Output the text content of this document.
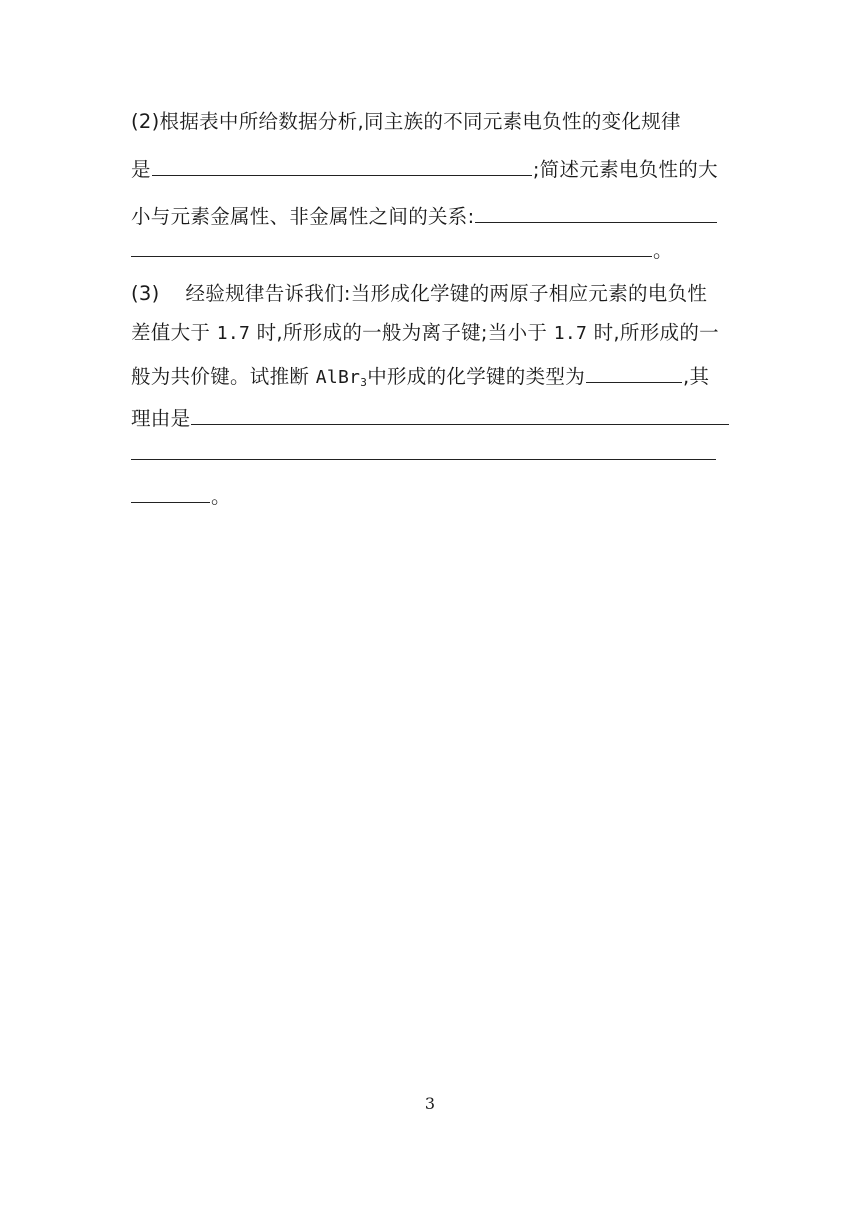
(2)根据表中所给数据分析,同主族的不同元素电负性的变化规律
是	;简述元素电负性的大
小与元素金属性、非金属性之间的关系:
。
(3) 经验规律告诉我们:当形成化学键的两原子相应元素的电负性
差值大于 1.7 时,所形成的一般为离子键;当小于 1.7 时,所形成的一
般为共价键。试推断 AlBr$_3$中形成的化学键的类型为	,其
理由是
。
3
